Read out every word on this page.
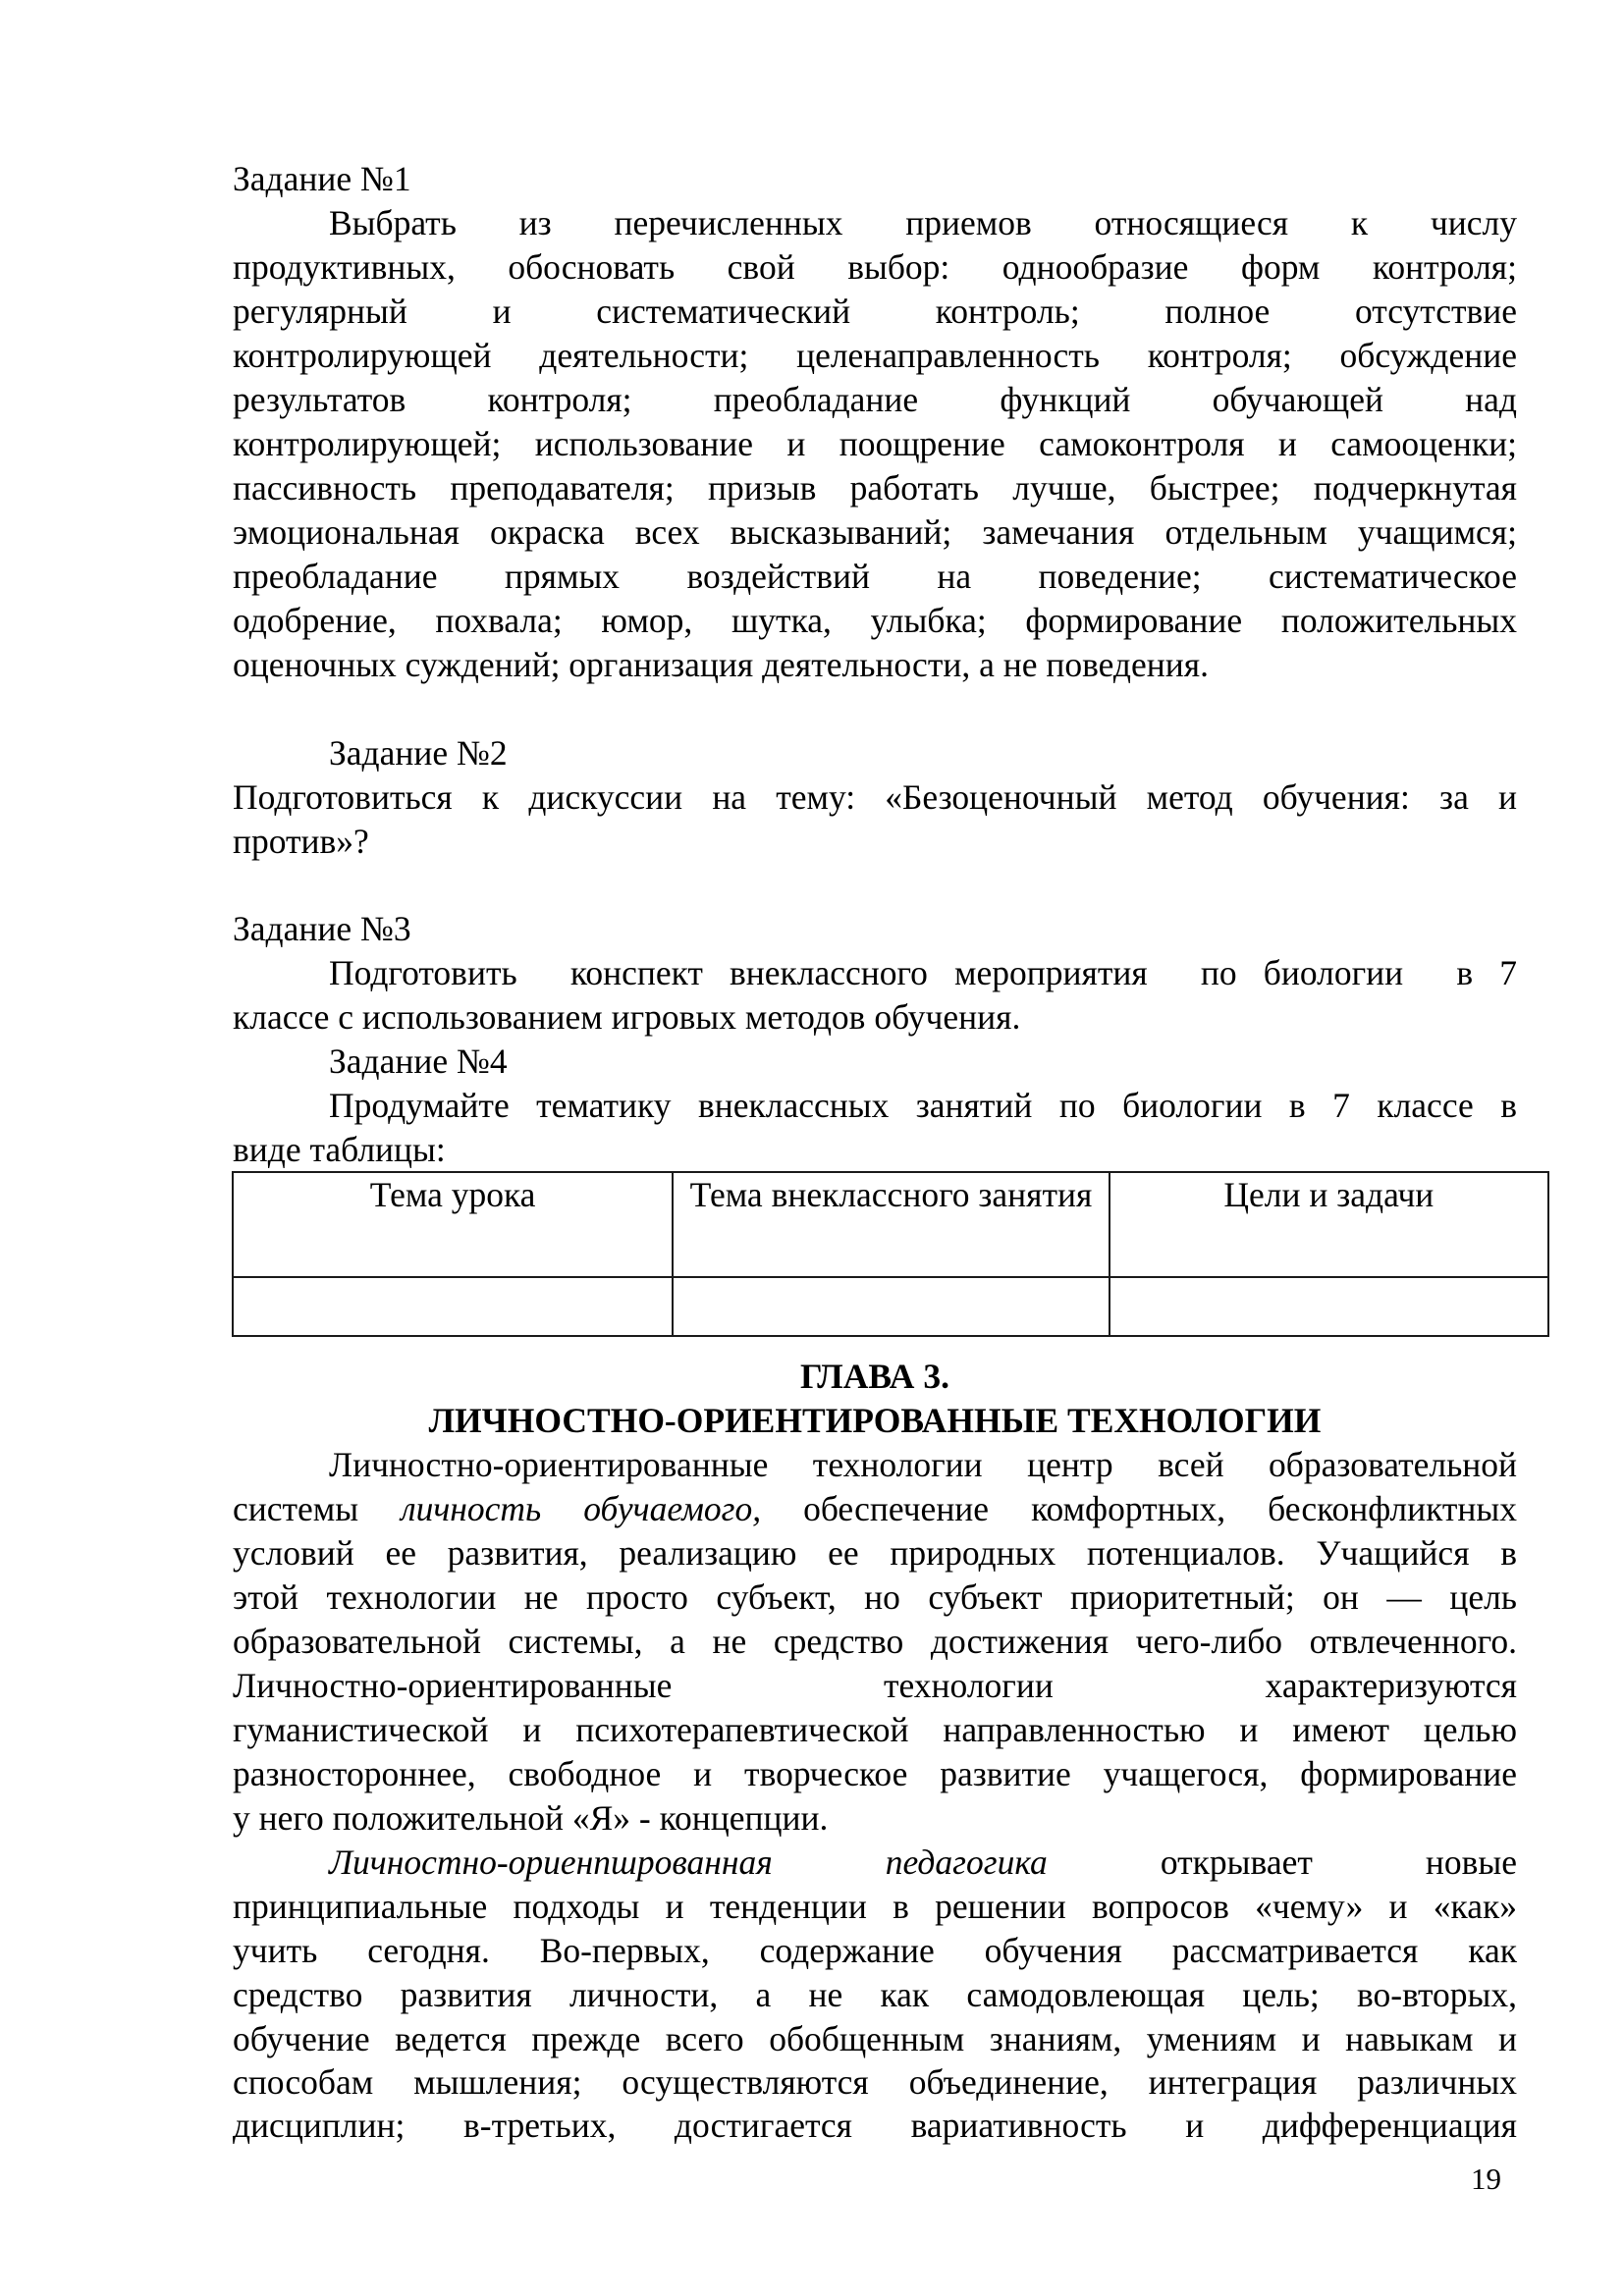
Задание №1
Выбрать из перечисленных приемов относящиеся к числу
продуктивных, обосновать свой выбор: однообразие форм контроля;
регулярный и систематический контроль; полное отсутствие
контролирующей деятельности; целенаправленность контроля; обсуждение
результатов контроля; преобладание функций обучающей над
контролирующей; использование и поощрение самоконтроля и самооценки;
пассивность преподавателя; призыв работать лучше, быстрее; подчеркнутая
эмоциональная окраска всех высказываний; замечания отдельным учащимся;
преобладание прямых воздействий на поведение; систематическое
одобрение, похвала; юмор, шутка, улыбка; формирование положительных
оценочных суждений; организация деятельности, а не поведения.
Задание №2
Подготовиться к дискуссии на тему: «Безоценочный метод обучения: за и
против»?
Задание №3
Подготовить  конспект внеклассного мероприятия  по биологии  в 7
классе с использованием игровых методов обучения.
Задание №4
Продумайте тематику внеклассных занятий по биологии в 7 классе в
виде таблицы:
Тема урока	Тема внеклассного занятия	Цели и задачи

ГЛАВА 3.
ЛИЧНОСТНО-ОРИЕНТИРОВАННЫЕ ТЕХНОЛОГИИ
Личностно-ориентированные технологии центр всей образовательной
системы личность обучаемого, обеспечение комфортных, бесконфликтных
условий ее развития, реализацию ее природных потенциалов. Учащийся в
этой технологии не просто субъект, но субъект приоритетный; он — цель
образовательной системы, а не средство достижения чего-либо отвлеченного.
Личностно-ориентированные технологии характеризуются
гуманистической и психотерапевтической направленностью и имеют целью
разностороннее, свободное и творческое развитие учащегося, формирование
у него положительной «Я» - концепции.
Личностно-ориенпшрованная	педагогика	открывает новые
принципиальные подходы и тенденции в решении вопросов «чему» и «как»
учить сегодня. Во-первых, содержание обучения рассматривается как
средство развития личности, а не как самодовлеющая цель; во-вторых,
обучение ведется прежде всего обобщенным знаниям, умениям и навыкам и
способам мышления; осуществляются объединение, интеграция различных
дисциплин; в-третьих, достигается вариативность и дифференциация
19
